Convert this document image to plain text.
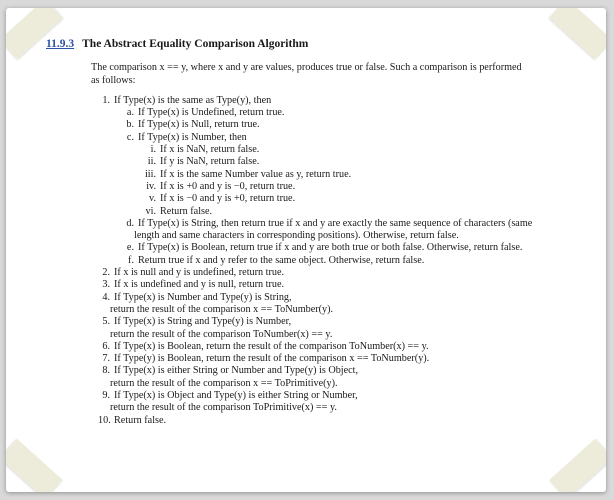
11.9.3 The Abstract Equality Comparison Algorithm
The comparison x == y, where x and y are values, produces true or false. Such a comparison is performed
as follows:
1. If Type(x) is the same as Type(y), then
a. If Type(x) is Undefined, return true.
b. If Type(x) is Null, return true.
c. If Type(x) is Number, then
i. If x is NaN, return false.
ii. If y is NaN, return false.
iii. If x is the same Number value as y, return true.
iv. If x is +0 and y is −0, return true.
v. If x is −0 and y is +0, return true.
vi. Return false.
d. If Type(x) is String, then return true if x and y are exactly the same sequence of characters (same
length and same characters in corresponding positions). Otherwise, return false.
e. If Type(x) is Boolean, return true if x and y are both true or both false. Otherwise, return false.
f. Return true if x and y refer to the same object. Otherwise, return false.
2. If x is null and y is undefined, return true.
3. If x is undefined and y is null, return true.
4. If Type(x) is Number and Type(y) is String,
return the result of the comparison x == ToNumber(y).
5. If Type(x) is String and Type(y) is Number,
return the result of the comparison ToNumber(x) == y.
6. If Type(x) is Boolean, return the result of the comparison ToNumber(x) == y.
7. If Type(y) is Boolean, return the result of the comparison x == ToNumber(y).
8. If Type(x) is either String or Number and Type(y) is Object,
return the result of the comparison x == ToPrimitive(y).
9. If Type(x) is Object and Type(y) is either String or Number,
return the result of the comparison ToPrimitive(x) == y.
10. Return false.
